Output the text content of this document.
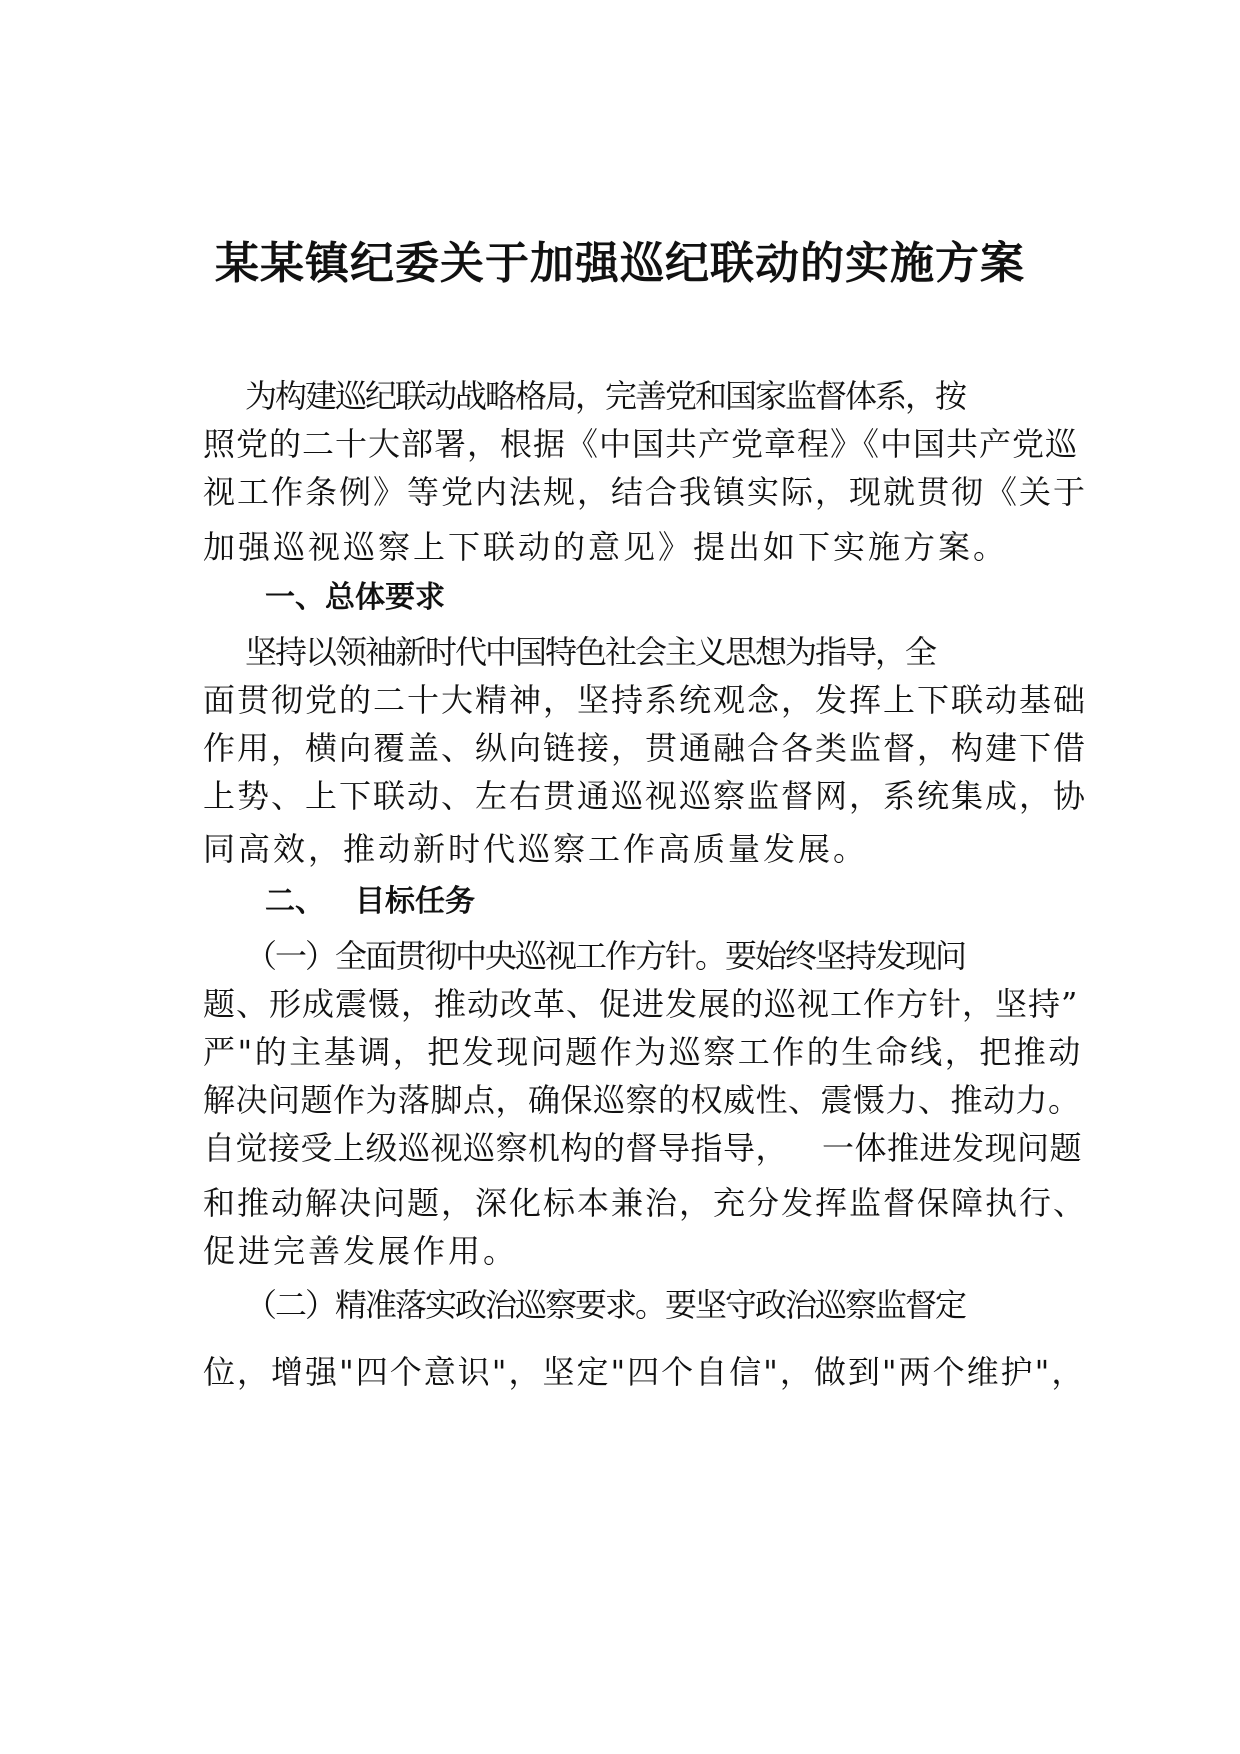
某某镇纪委关于加强巡纪联动的实施方案
为构建巡纪联动战略格局，完善党和国家监督体系，按
照党的二十大部署，根据《中国共产党章程》《中国共产党巡
视工作条例》等党内法规，结合我镇实际，现就贯彻《关于
加强巡视巡察上下联动的意见》提出如下实施方案。
一、总体要求
坚持以领袖新时代中国特色社会主义思想为指导，全
面贯彻党的二十大精神，坚持系统观念，发挥上下联动基础
作用，横向覆盖、纵向链接，贯通融合各类监督，构建下借
上势、上下联动、左右贯通巡视巡察监督网，系统集成，协
同高效，推动新时代巡察工作高质量发展。
二、 目标任务
（一）全面贯彻中央巡视工作方针。要始终坚持发现问
题、形成震慑，推动改革、促进发展的巡视工作方针，坚持”
严"的主基调，把发现问题作为巡察工作的生命线，把推动
解决问题作为落脚点，确保巡察的权威性、震慑力、推动力。
自觉接受上级巡视巡察机构的督导指导， 一体推进发现问题
和推动解决问题，深化标本兼治，充分发挥监督保障执行、
促进完善发展作用。
（二）精准落实政治巡察要求。要坚守政治巡察监督定
位，增强"四个意识"，坚定"四个自信"，做到"两个维护"，
